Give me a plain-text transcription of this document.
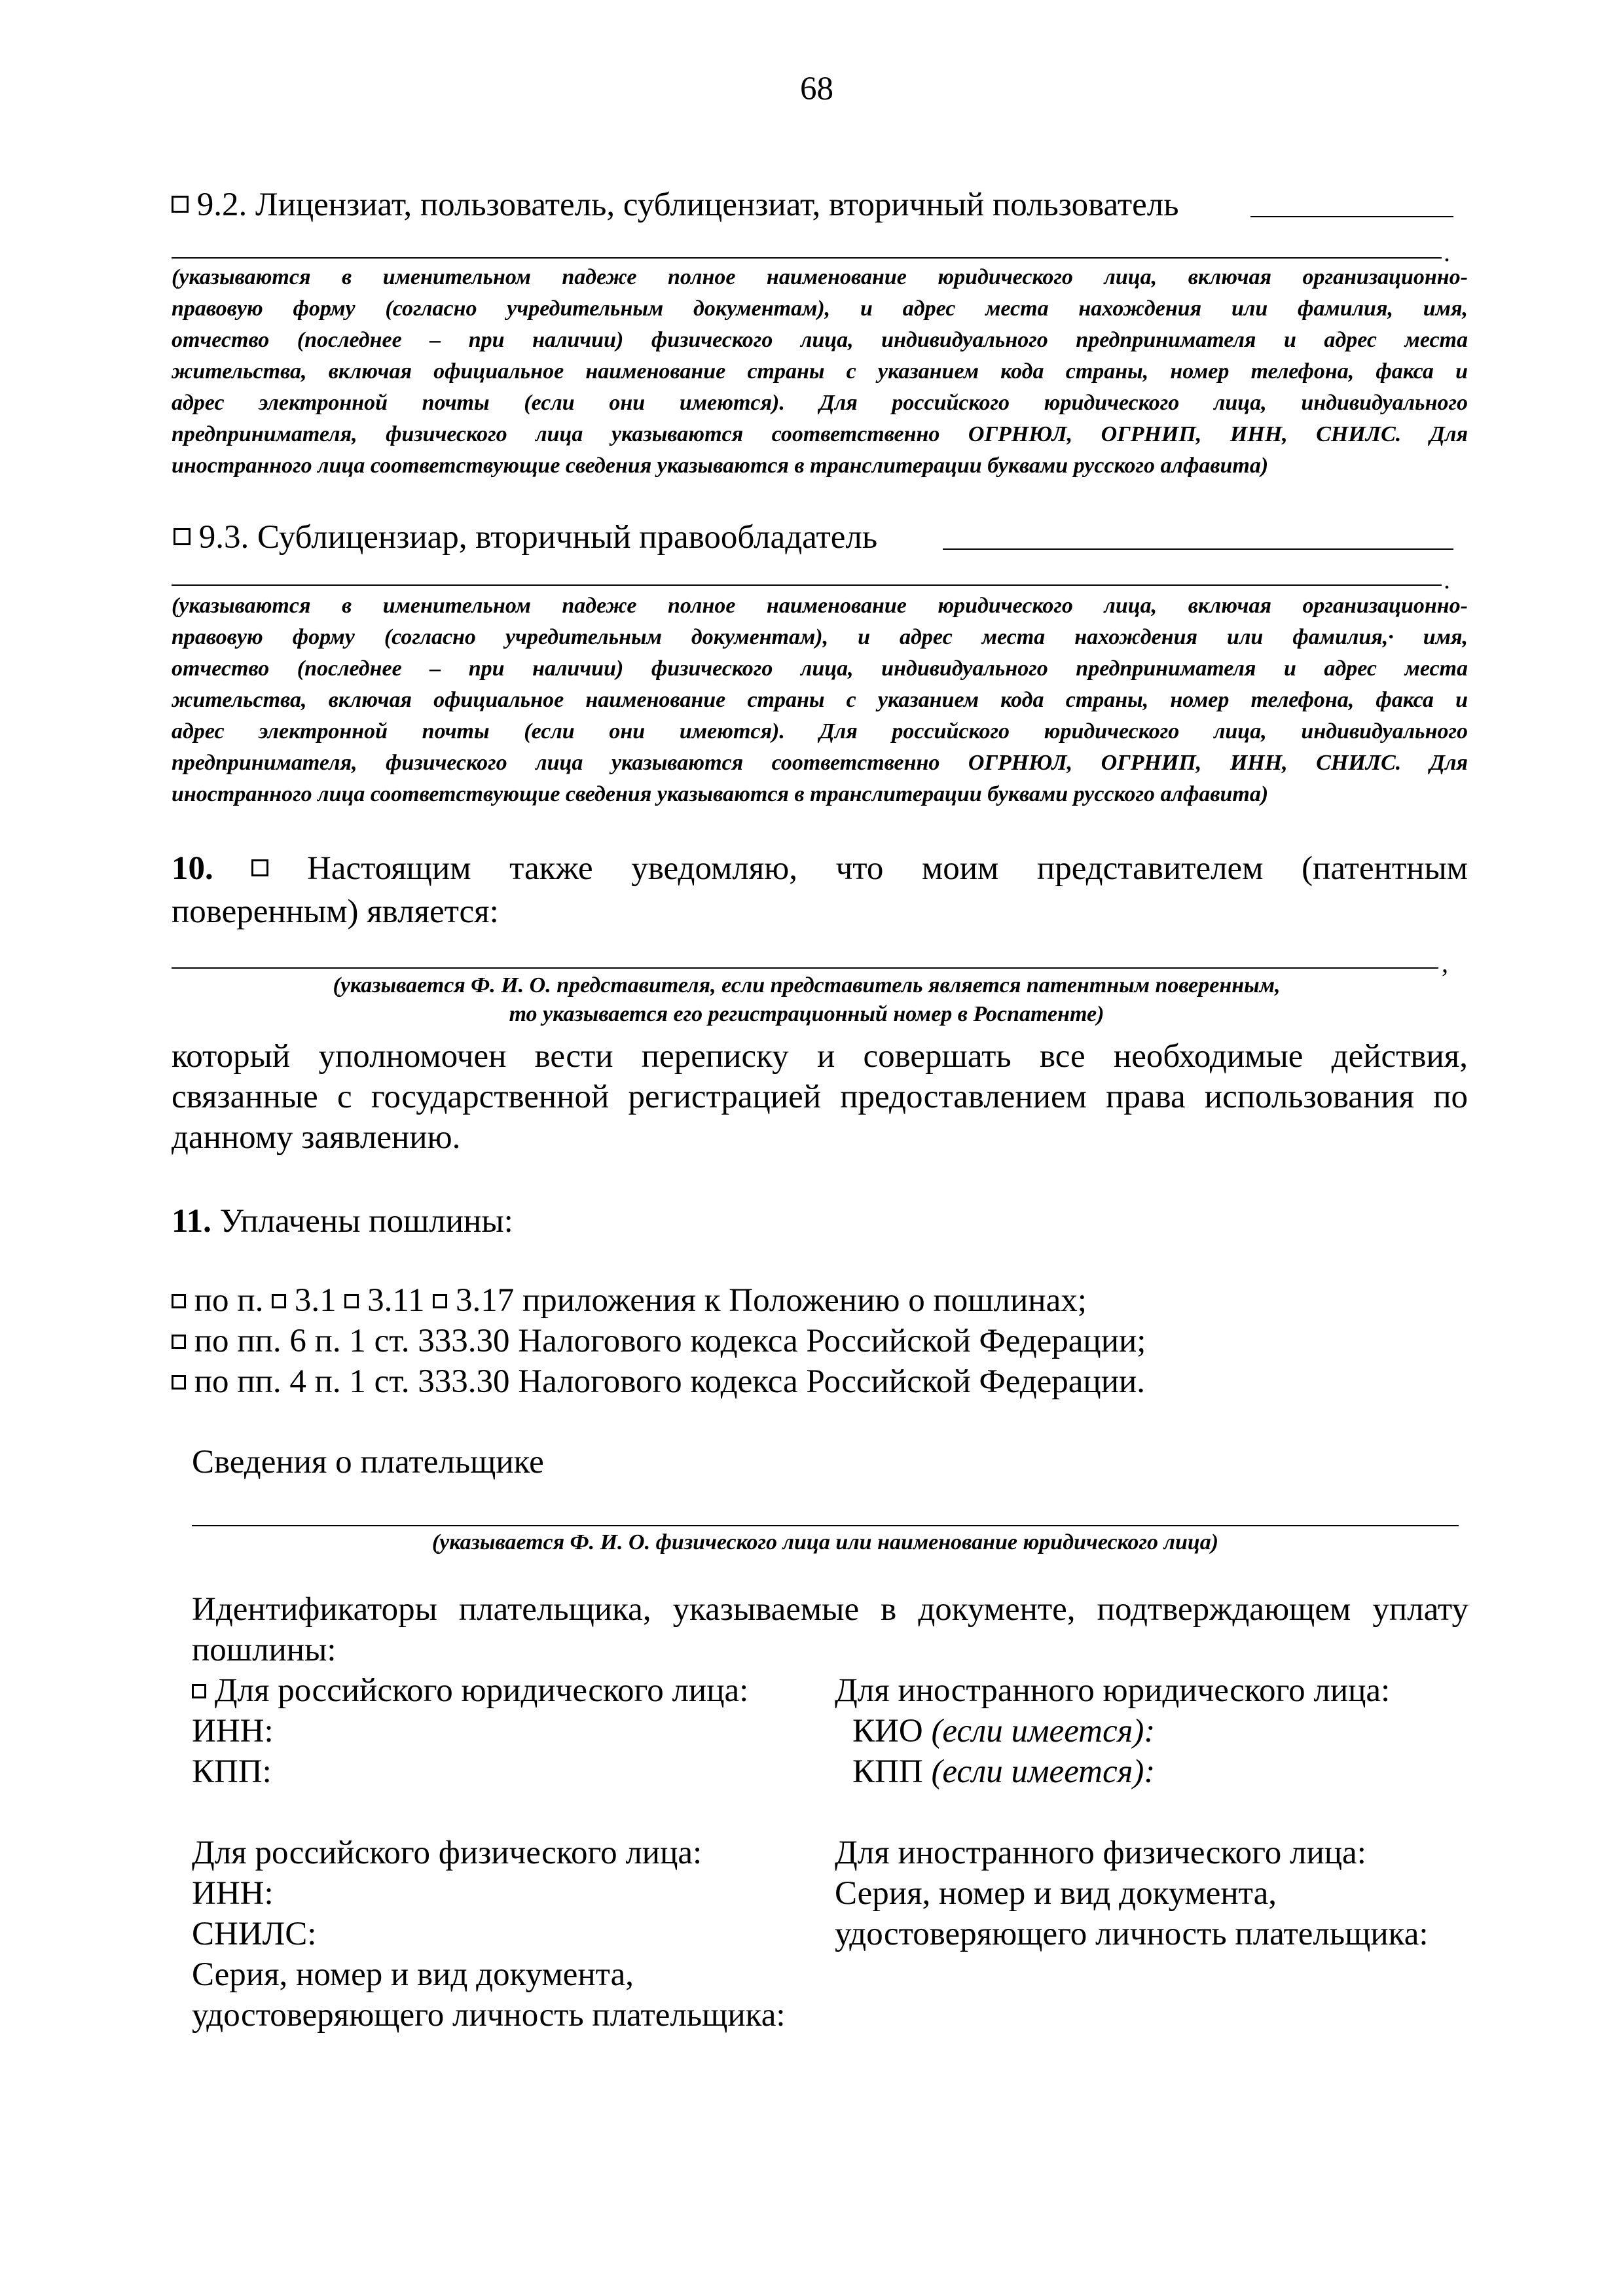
68
9.2. Лицензиат, пользователь, сублицензиат, вторичный пользователь
.
(указываются в именительном падеже полное наименование юридического лица, включая организационно-
правовую форму (согласно учредительным документам), и адрес места нахождения или фамилия, имя,
отчество (последнее – при наличии) физического лица, индивидуального предпринимателя и адрес места
жительства, включая официальное наименование страны с указанием кода страны, номер телефона, факса и
адрес электронной почты (если они имеются). Для российского юридического лица, индивидуального
предпринимателя, физического лица указываются соответственно ОГРНЮЛ, ОГРНИП, ИНН, СНИЛС. Для
иностранного лица соответствующие сведения указываются в транслитерации буквами русского алфавита)
9.3. Сублицензиар, вторичный правообладатель
.
(указываются в именительном падеже полное наименование юридического лица, включая организационно-
правовую форму (согласно учредительным документам), и адрес места нахождения или фамилия,· имя,
отчество (последнее – при наличии) физического лица, индивидуального предпринимателя и адрес места
жительства, включая официальное наименование страны с указанием кода страны, номер телефона, факса и
адрес электронной почты (если они имеются). Для российского юридического лица, индивидуального
предпринимателя, физического лица указываются соответственно ОГРНЮЛ, ОГРНИП, ИНН, СНИЛС. Для
иностранного лица соответствующие сведения указываются в транслитерации буквами русского алфавита)
10.	Настоящим также уведомляю, что моим представителем (патентным
поверенным) является:
,
(указывается Ф. И. О. представителя, если представитель является патентным поверенным,
то указывается его регистрационный номер в Роспатенте)
который уполномочен вести переписку и совершать все необходимые действия,
связанные с государственной регистрацией предоставлением права использования по
данному заявлению.
11. Уплачены пошлины:
по п. 3.1 3.11 3.17 приложения к Положению о пошлинах;
по пп. 6 п. 1 ст. 333.30 Налогового кодекса Российской Федерации;
по пп. 4 п. 1 ст. 333.30 Налогового кодекса Российской Федерации.
Сведения о плательщике
(указывается Ф. И. О. физического лица или наименование юридического лица)
Идентификаторы плательщика, указываемые в документе, подтверждающем уплату
пошлины:
Для российского юридического лица:
ИНН:
КПП:
Для иностранного юридического лица:
КИО (если имеется):
КПП (если имеется):
Для российского физического лица:
ИНН:
СНИЛС:
Серия, номер и вид документа,
удостоверяющего личность плательщика:
Для иностранного физического лица:
Серия, номер и вид документа,
удостоверяющего личность плательщика:
